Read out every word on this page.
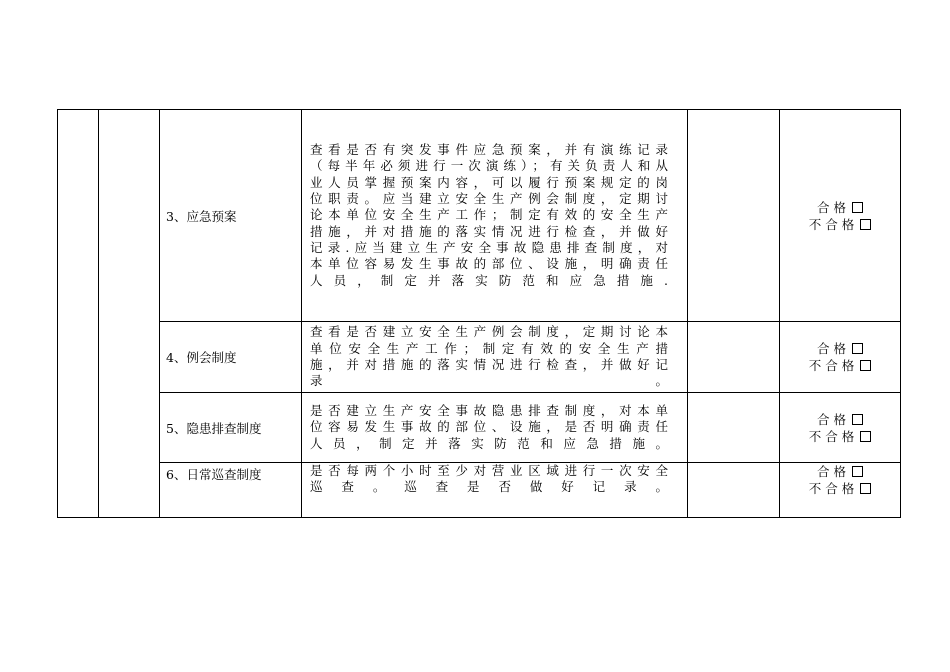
		3、应急预案	查看是否有突发事件应急预案，并有演练记录（每半年必须进行一次演练）；有关负责人和从业人员掌握预案内容，可以履行预案规定的岗位职责。应当建立安全生产例会制度，定期讨论本单位安全生产工作；制定有效的安全生产措施，并对措施的落实情况进行检查，并做好记录.应当建立生产安全事故隐患排查制度，对本单位容易发生事故的部位、设施，明确责任人员，制定并落实防范和应急措施.		合格
不合格

		4、例会制度	查看是否建立安全生产例会制度，定期讨论本单位安全生产工作；制定有效的安全生产措施，并对措施的落实情况进行检查，并做好记录。		合格
不合格

		5、隐患排查制度	是否建立生产安全事故隐患排查制度，对本单位容易发生事故的部位、设施，是否明确责任人员，制定并落实防范和应急措施。		合格
不合格

		6、日常巡查制度	是否每两个小时至少对营业区域进行一次安全巡查。巡查是否做好记录。		合格
不合格
